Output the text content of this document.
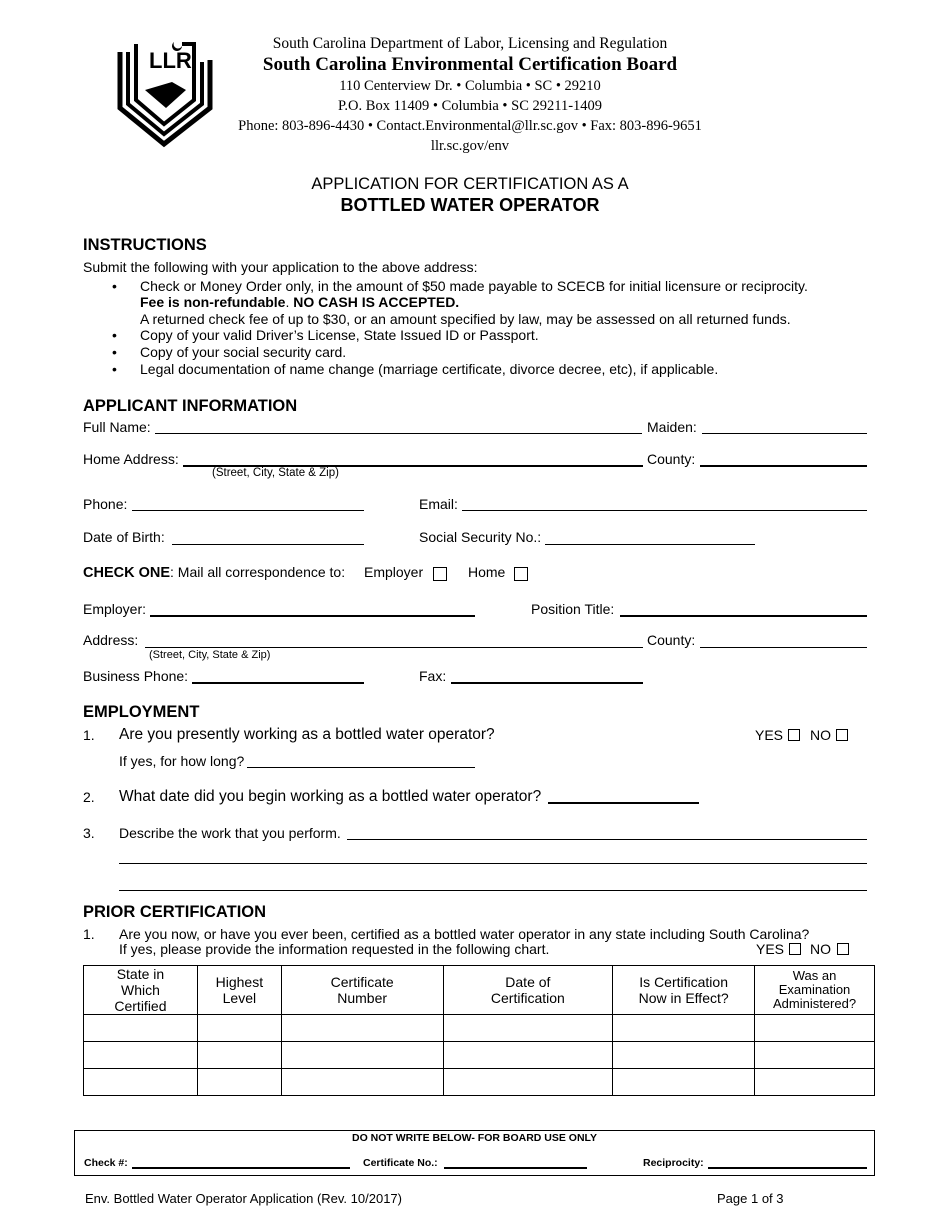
LLR
South Carolina Department of Labor, Licensing and Regulation
South Carolina Environmental Certification Board
110 Centerview Dr. • Columbia • SC • 29210
P.O. Box 11409 • Columbia • SC 29211-1409
Phone: 803-896-4430 • Contact.Environmental@llr.sc.gov • Fax: 803-896-9651
llr.sc.gov/env
APPLICATION FOR CERTIFICATION AS A
BOTTLED WATER OPERATOR
INSTRUCTIONS
Submit the following with your application to the above address:
• Check or Money Order only, in the amount of $50 made payable to SCECB for initial licensure or reciprocity.
Fee is non-refundable. NO CASH IS ACCEPTED.
A returned check fee of up to $30, or an amount specified by law, may be assessed on all returned funds.
• Copy of your valid Driver’s License, State Issued ID or Passport.
• Copy of your social security card.
• Legal documentation of name change (marriage certificate, divorce decree, etc), if applicable.
APPLICANT INFORMATION
Full Name:	Maiden:
Home Address:	County:
(Street, City, State & Zip)
Phone:	Email:
Date of Birth:	Social Security No.:
CHECK ONE: Mail all correspondence to: Employer	Home
Employer:	Position Title:
Address:	County:
(Street, City, State & Zip)
Business Phone:	Fax:
EMPLOYMENT
1. Are you presently working as a bottled water operator?	YES NO
If yes, for how long?
2. What date did you begin working as a bottled water operator?
3. Describe the work that you perform.
PRIOR CERTIFICATION
1. Are you now, or have you ever been, certified as a bottled water operator in any state including South Carolina?
If yes, please provide the information requested in the following chart.	YES NO
State in Which Certified	Highest Level	Certificate Number	Date of Certification	Is Certification Now in Effect?	Was an Examination Administered?

DO NOT WRITE BELOW- FOR BOARD USE ONLY
Check #:	Certificate No.:	Reciprocity:
Env. Bottled Water Operator Application (Rev. 10/2017)	Page 1 of 3
